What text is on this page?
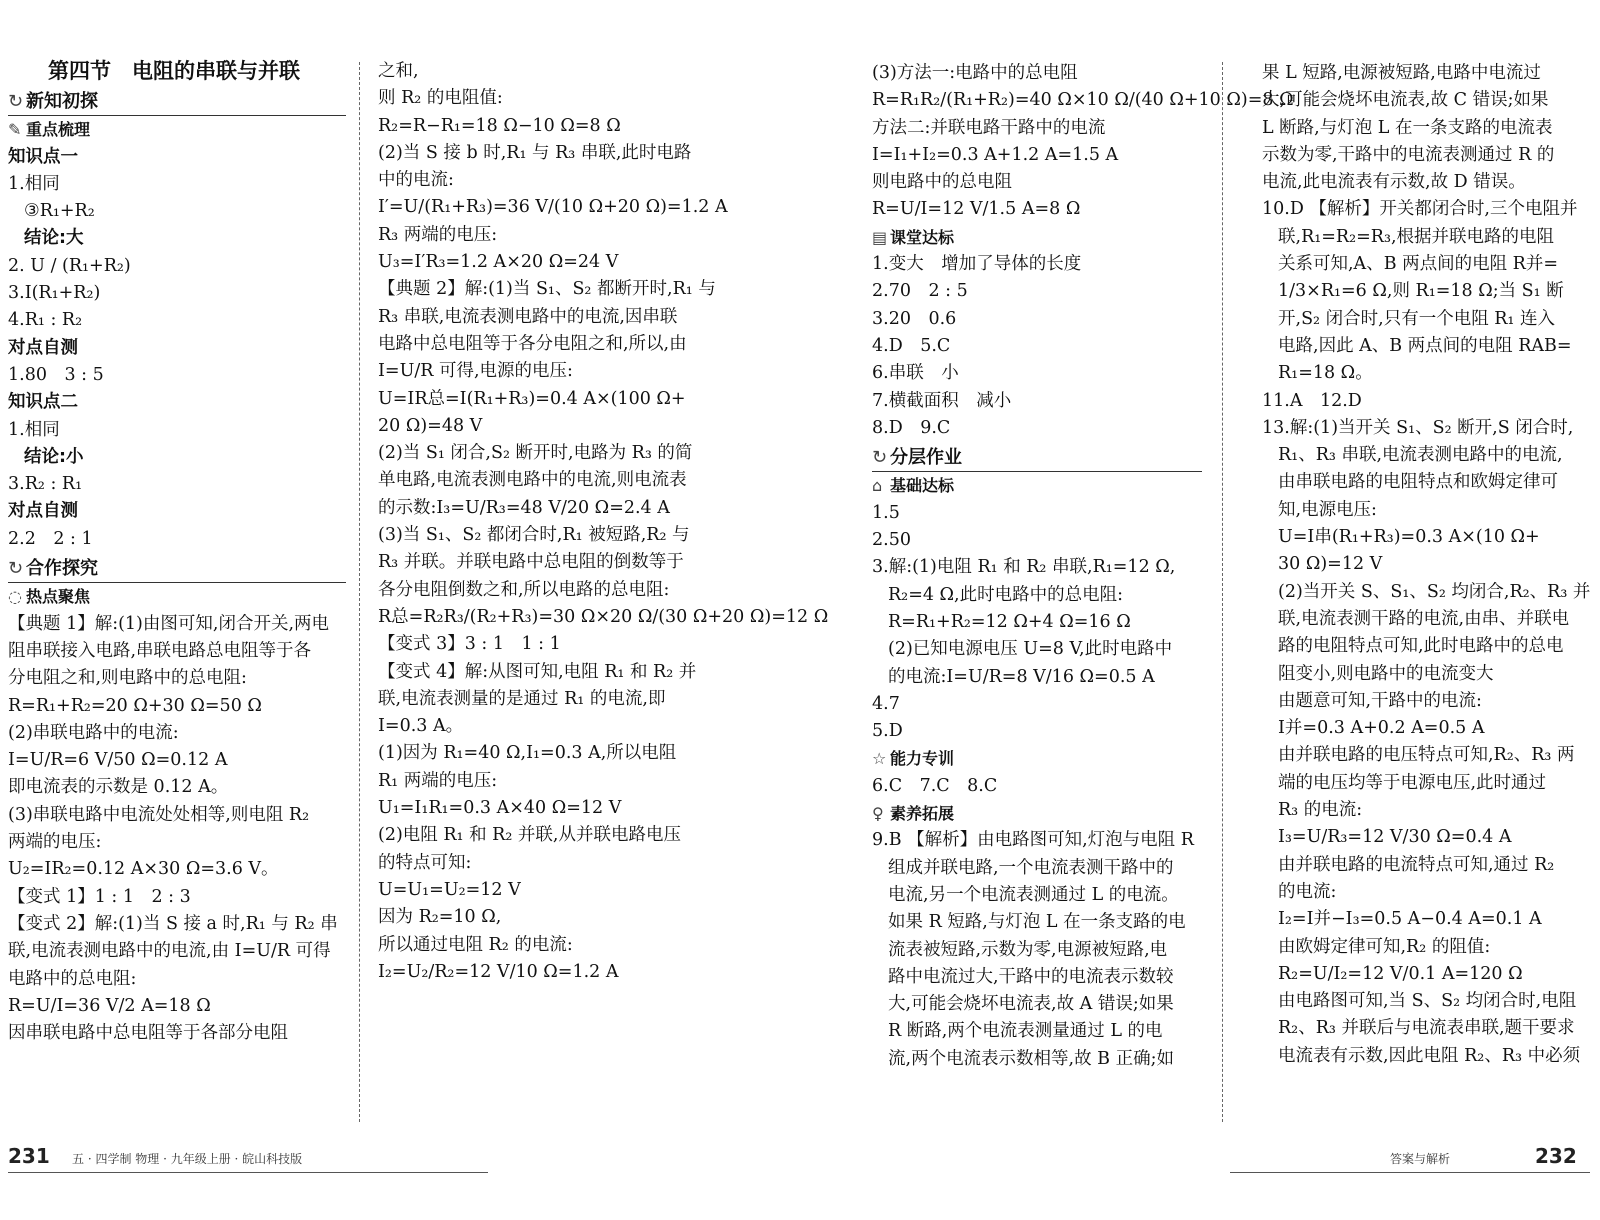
第四节　电阻的串联与并联
↻ 新知初探
✎ 重点梳理
知识点一
1.相同
③R₁+R₂
结论:大
2. U / (R₁+R₂)
3.I(R₁+R₂)
4.R₁ : R₂
对点自测
1.80　3 : 5
知识点二
1.相同
结论:小
3.R₂ : R₁
对点自测
2.2　2 : 1
↻ 合作探究
◌ 热点聚焦
【典题 1】解:(1)由图可知,闭合开关,两电
阻串联接入电路,串联电路总电阻等于各
分电阻之和,则电路中的总电阻:
R=R₁+R₂=20 Ω+30 Ω=50 Ω
(2)串联电路中的电流:
I=U/R=6 V/50 Ω=0.12 A
即电流表的示数是 0.12 A。
(3)串联电路中电流处处相等,则电阻 R₂
两端的电压:
U₂=IR₂=0.12 A×30 Ω=3.6 V。
【变式 1】1 : 1　2 : 3
【变式 2】解:(1)当 S 接 a 时,R₁ 与 R₂ 串
联,电流表测电路中的电流,由 I=U/R 可得
电路中的总电阻:
R=U/I=36 V/2 A=18 Ω
因串联电路中总电阻等于各部分电阻
之和,
则 R₂ 的电阻值:
R₂=R−R₁=18 Ω−10 Ω=8 Ω
(2)当 S 接 b 时,R₁ 与 R₃ 串联,此时电路
中的电流:
I′=U/(R₁+R₃)=36 V/(10 Ω+20 Ω)=1.2 A
R₃ 两端的电压:
U₃=I′R₃=1.2 A×20 Ω=24 V
【典题 2】解:(1)当 S₁、S₂ 都断开时,R₁ 与
R₃ 串联,电流表测电路中的电流,因串联
电路中总电阻等于各分电阻之和,所以,由
I=U/R 可得,电源的电压:
U=IR总=I(R₁+R₃)=0.4 A×(100 Ω+
20 Ω)=48 V
(2)当 S₁ 闭合,S₂ 断开时,电路为 R₃ 的简
单电路,电流表测电路中的电流,则电流表
的示数:I₃=U/R₃=48 V/20 Ω=2.4 A
(3)当 S₁、S₂ 都闭合时,R₁ 被短路,R₂ 与
R₃ 并联。并联电路中总电阻的倒数等于
各分电阻倒数之和,所以电路的总电阻:
R总=R₂R₃/(R₂+R₃)=30 Ω×20 Ω/(30 Ω+20 Ω)=12 Ω
【变式 3】3 : 1　1 : 1
【变式 4】解:从图可知,电阻 R₁ 和 R₂ 并
联,电流表测量的是通过 R₁ 的电流,即
I=0.3 A。
(1)因为 R₁=40 Ω,I₁=0.3 A,所以电阻
R₁ 两端的电压:
U₁=I₁R₁=0.3 A×40 Ω=12 V
(2)电阻 R₁ 和 R₂ 并联,从并联电路电压
的特点可知:
U=U₁=U₂=12 V
因为 R₂=10 Ω,
所以通过电阻 R₂ 的电流:
I₂=U₂/R₂=12 V/10 Ω=1.2 A
(3)方法一:电路中的总电阻
R=R₁R₂/(R₁+R₂)=40 Ω×10 Ω/(40 Ω+10 Ω)=8 Ω
方法二:并联电路干路中的电流
I=I₁+I₂=0.3 A+1.2 A=1.5 A
则电路中的总电阻
R=U/I=12 V/1.5 A=8 Ω
▤ 课堂达标
1.变大　增加了导体的长度
2.70　2 : 5
3.20　0.6
4.D　5.C
6.串联　小
7.横截面积　减小
8.D　9.C
↻ 分层作业
⌂ 基础达标
1.5
2.50
3.解:(1)电阻 R₁ 和 R₂ 串联,R₁=12 Ω,
R₂=4 Ω,此时电路中的总电阻:
R=R₁+R₂=12 Ω+4 Ω=16 Ω
(2)已知电源电压 U=8 V,此时电路中
的电流:I=U/R=8 V/16 Ω=0.5 A
4.7
5.D
☆ 能力专训
6.C　7.C　8.C
♀ 素养拓展
9.B 【解析】由电路图可知,灯泡与电阻 R
组成并联电路,一个电流表测干路中的
电流,另一个电流表测通过 L 的电流。
如果 R 短路,与灯泡 L 在一条支路的电
流表被短路,示数为零,电源被短路,电
路中电流过大,干路中的电流表示数较
大,可能会烧坏电流表,故 A 错误;如果
R 断路,两个电流表测量通过 L 的电
流,两个电流表示数相等,故 B 正确;如
果 L 短路,电源被短路,电路中电流过
大,可能会烧坏电流表,故 C 错误;如果
L 断路,与灯泡 L 在一条支路的电流表
示数为零,干路中的电流表测通过 R 的
电流,此电流表有示数,故 D 错误。
10.D 【解析】开关都闭合时,三个电阻并
联,R₁=R₂=R₃,根据并联电路的电阻
关系可知,A、B 两点间的电阻 R并=
1/3×R₁=6 Ω,则 R₁=18 Ω;当 S₁ 断
开,S₂ 闭合时,只有一个电阻 R₁ 连入
电路,因此 A、B 两点间的电阻 RAB=
R₁=18 Ω。
11.A　12.D
13.解:(1)当开关 S₁、S₂ 断开,S 闭合时,
R₁、R₃ 串联,电流表测电路中的电流,
由串联电路的电阻特点和欧姆定律可
知,电源电压:
U=I串(R₁+R₃)=0.3 A×(10 Ω+
30 Ω)=12 V
(2)当开关 S、S₁、S₂ 均闭合,R₂、R₃ 并
联,电流表测干路的电流,由串、并联电
路的电阻特点可知,此时电路中的总电
阻变小,则电路中的电流变大
由题意可知,干路中的电流:
I并=0.3 A+0.2 A=0.5 A
由并联电路的电压特点可知,R₂、R₃ 两
端的电压均等于电源电压,此时通过
R₃ 的电流:
I₃=U/R₃=12 V/30 Ω=0.4 A
由并联电路的电流特点可知,通过 R₂
的电流:
I₂=I并−I₃=0.5 A−0.4 A=0.1 A
由欧姆定律可知,R₂ 的阻值:
R₂=U/I₂=12 V/0.1 A=120 Ω
由电路图可知,当 S、S₂ 均闭合时,电阻
R₂、R₃ 并联后与电流表串联,题干要求
电流表有示数,因此电阻 R₂、R₃ 中必须
231 五 · 四学制 物理 · 九年级上册 · 皖山科技版	答案与解析	232
